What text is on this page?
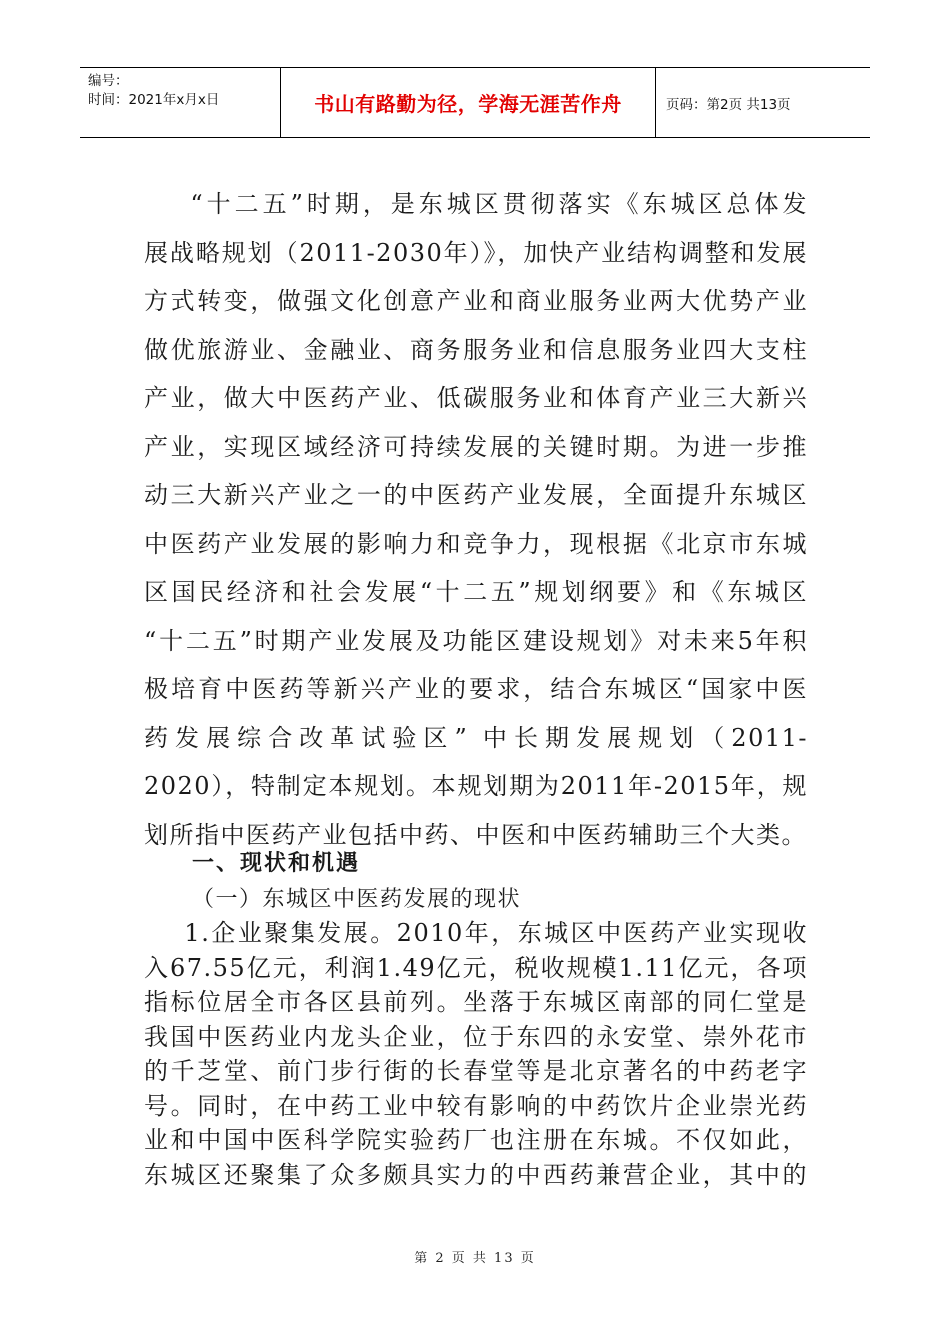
编号：
时间：2021年x月x日	书山有路勤为径，学海无涯苦作舟	页码：第2页 共13页
“十二五”时期，是东城区贯彻落实《东城区总体发
展战略规划（2011-2030年）》，加快产业结构调整和发展
方式转变，做强文化创意产业和商业服务业两大优势产业
做优旅游业、金融业、商务服务业和信息服务业四大支柱
产业，做大中医药产业、低碳服务业和体育产业三大新兴
产业，实现区域经济可持续发展的关键时期。为进一步推
动三大新兴产业之一的中医药产业发展，全面提升东城区
中医药产业发展的影响力和竞争力，现根据《北京市东城
区国民经济和社会发展“十二五”规划纲要》和《东城区
“十二五”时期产业发展及功能区建设规划》对未来5年积
极培育中医药等新兴产业的要求，结合东城区“国家中医
药发展综合改革试验区” 中长期发展规划（2011-
2020），特制定本规划。本规划期为2011年-2015年，规
划所指中医药产业包括中药、中医和中医药辅助三个大类。
一、现状和机遇
（一）东城区中医药发展的现状
1.企业聚集发展。2010年，东城区中医药产业实现收
入67.55亿元，利润1.49亿元，税收规模1.11亿元，各项
指标位居全市各区县前列。坐落于东城区南部的同仁堂是
我国中医药业内龙头企业，位于东四的永安堂、崇外花市
的千芝堂、前门步行街的长春堂等是北京著名的中药老字
号。同时，在中药工业中较有影响的中药饮片企业崇光药
业和中国中医科学院实验药厂也注册在东城。不仅如此，
东城区还聚集了众多颇具实力的中西药兼营企业，其中的
第 2 页 共 13 页
